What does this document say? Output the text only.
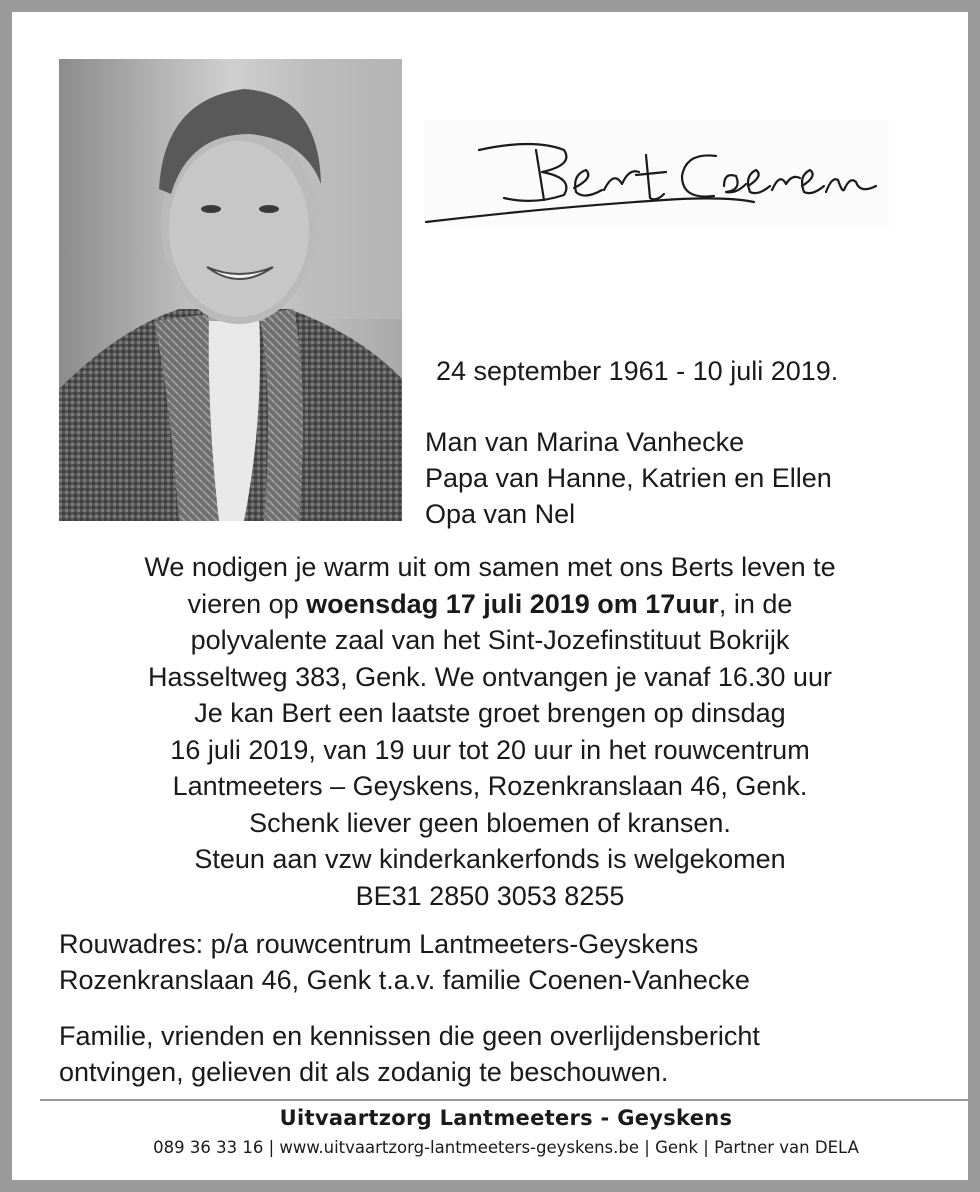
24 september 1961 - 10 juli 2019.
Man van Marina Vanhecke
Papa van Hanne, Katrien en Ellen
Opa van Nel
We nodigen je warm uit om samen met ons Berts leven te
vieren op woensdag 17 juli 2019 om 17uur, in de
polyvalente zaal van het Sint-Jozefinstituut Bokrijk
Hasseltweg 383, Genk. We ontvangen je vanaf 16.30 uur
Je kan Bert een laatste groet brengen op dinsdag
16 juli 2019, van 19 uur tot 20 uur in het rouwcentrum
Lantmeeters – Geyskens, Rozenkranslaan 46, Genk.
Schenk liever geen bloemen of kransen.
Steun aan vzw kinderkankerfonds is welgekomen
BE31 2850 3053 8255
Rouwadres: p/a rouwcentrum Lantmeeters-Geyskens
Rozenkranslaan 46, Genk t.a.v. familie Coenen-Vanhecke
Familie, vrienden en kennissen die geen overlijdensbericht
ontvingen, gelieven dit als zodanig te beschouwen.
Uitvaartzorg Lantmeeters - Geyskens
089 36 33 16 | www.uitvaartzorg-lantmeeters-geyskens.be | Genk | Partner van DELA
